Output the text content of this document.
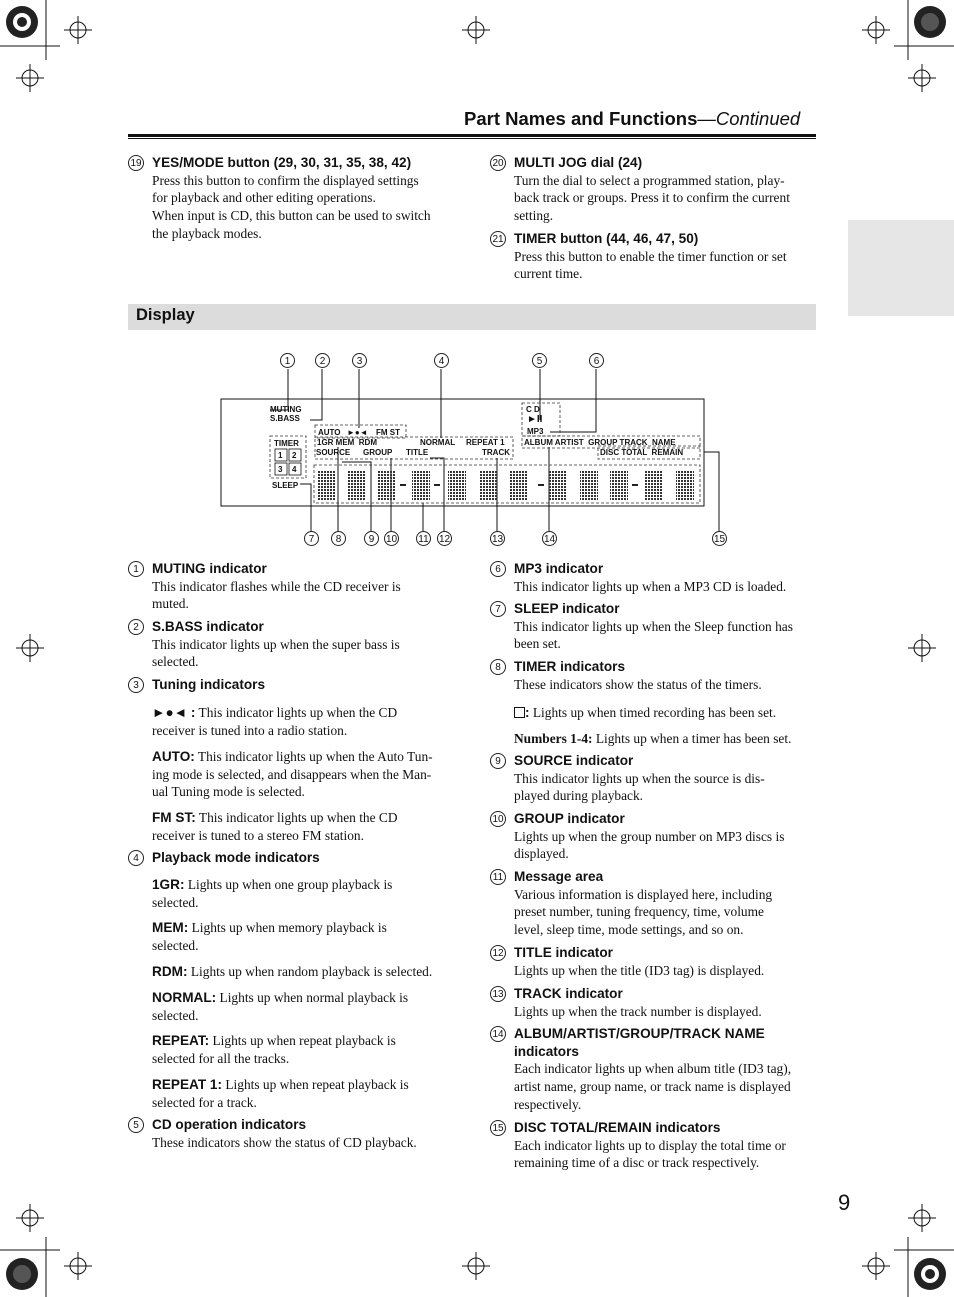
Part Names and Functions—Continued
19 YES/MODE button (29, 30, 31, 35, 38, 42)

Press this button to confirm the displayed settings

for playback and other editing operations.

When input is CD, this button can be used to switch

the playback modes.

20 MULTI JOG dial (24)

Turn the dial to select a programmed station, play-

back track or groups. Press it to confirm the current

setting.

21 TIMER button (44, 46, 47, 50)

Press this button to enable the timer function or set

current time.

Display
1	2	3	4	5	6
7	8	9	10 11 12	13	14	15
MUTING
S.BASS
AUTO ►●◄ FM ST
TIMER
1 2
3 4
SLEEP
1GR MEM  RDM	NORMAL REPEAT 1
SOURCE GROUP TITLE	TRACK
C D
►II
MP3
ALBUM ARTIST  GROUP TRACK  NAME
DISC TOTAL  REMAIN
1 MUTING indicator

This indicator flashes while the CD receiver is

muted.

2 S.BASS indicator

This indicator lights up when the super bass is

selected.

3 Tuning indicators
►●◄ : This indicator lights up when the CD
receiver is tuned into a radio station.
AUTO: This indicator lights up when the Auto Tun-
ing mode is selected, and disappears when the Man-
ual Tuning mode is selected.
FM ST: This indicator lights up when the CD
receiver is tuned to a stereo FM station.
4 Playback mode indicators
1GR: Lights up when one group playback is
selected.
MEM: Lights up when memory playback is
selected.
RDM: Lights up when random playback is selected.
NORMAL: Lights up when normal playback is
selected.
REPEAT: Lights up when repeat playback is
selected for all the tracks.
REPEAT 1: Lights up when repeat playback is
selected for a track.
5 CD operation indicators

These indicators show the status of CD playback.

6 MP3 indicator

This indicator lights up when a MP3 CD is loaded.

7 SLEEP indicator

This indicator lights up when the Sleep function has

been set.

8 TIMER indicators

These indicators show the status of the timers.

: Lights up when timed recording has been set.
Numbers 1-4: Lights up when a timer has been set.
9 SOURCE indicator

This indicator lights up when the source is dis-

played during playback.

10 GROUP indicator

Lights up when the group number on MP3 discs is

displayed.

11 Message area

Various information is displayed here, including

preset number, tuning frequency, time, volume

level, sleep time, mode settings, and so on.

12 TITLE indicator

Lights up when the title (ID3 tag) is displayed.

13 TRACK indicator

Lights up when the track number is displayed.

14 ALBUM/ARTIST/GROUP/TRACK NAME indicators

Each indicator lights up when album title (ID3 tag),

artist name, group name, or track name is displayed

respectively.

15 DISC TOTAL/REMAIN indicators

Each indicator lights up to display the total time or

remaining time of a disc or track respectively.

9
